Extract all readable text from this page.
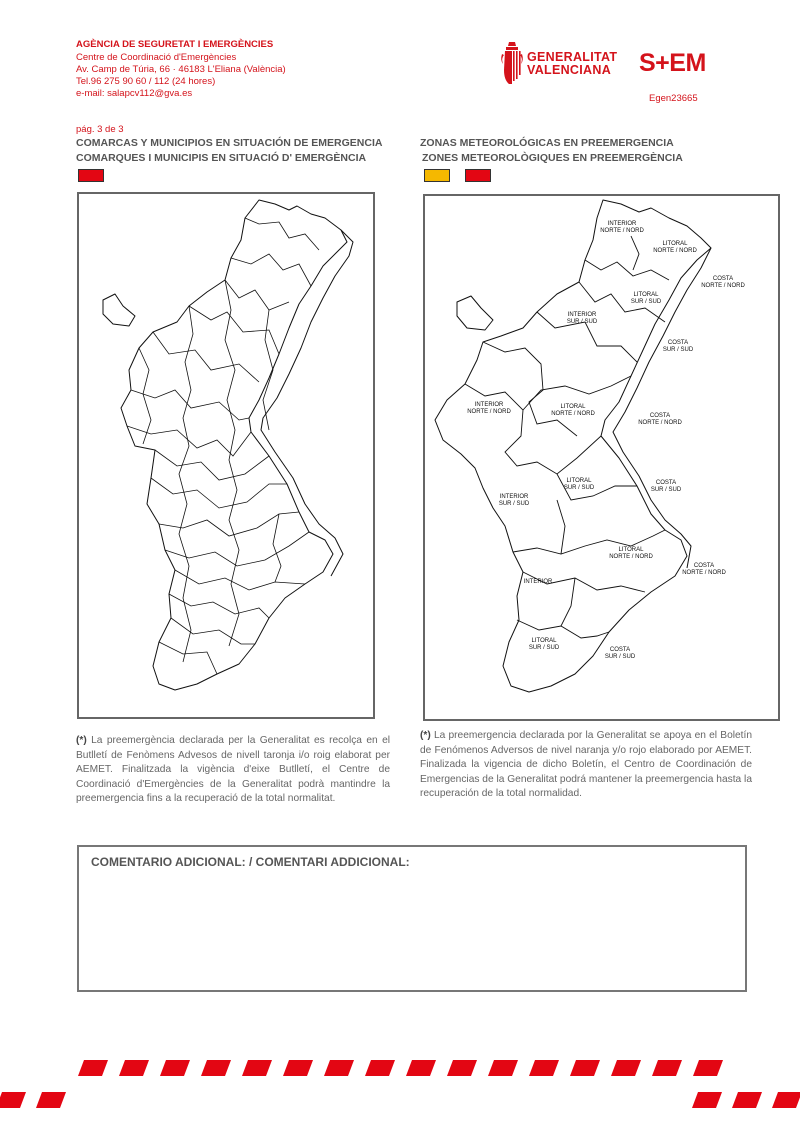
AGÈNCIA DE SEGURETAT I EMERGÈNCIES
Centre de Coordinació d'Emergències
Av. Camp de Túria, 66 · 46183 L'Eliana (València)
Tel.96 275 90 60 / 112 (24 hores)
e-mail: salapcv112@gva.es
GENERALITAT
VALENCIANA S+EM
Egen23665
pág. 3 de 3
COMARCAS Y MUNICIPIOS EN SITUACIÓN DE EMERGENCIA
COMARQUES I MUNICIPIS EN SITUACIÓ D' EMERGÈNCIA
ZONAS METEOROLÓGICAS EN PREEMERGENCIA
ZONES METEOROLÒGIQUES EN PREEMERGÈNCIA
INTERIOR
NORTE / NORD
LITORAL
NORTE / NORD
COSTA
NORTE / NORD
LITORAL
SUR / SUD
INTERIOR
SUR / SUD
COSTA
SUR / SUD
INTERIOR
NORTE / NORD
LITORAL
NORTE / NORD	COSTA
NORTE / NORD
LITORAL
SUR / SUD
INTERIOR
SUR / SUD
COSTA
SUR / SUD
LITORAL
NORTE / NORD
COSTA
NORTE / NORD
INTERIOR
LITORAL
SUR / SUD	COSTA
SUR / SUD
(*) La preemergència declarada per la Generalitat es recolça en el Butlletí de Fenòmens Advesos de nivell taronja i/o roig elaborat per AEMET. Finalitzada la vigència d'eixe Butlletí, el Centre de Coordinació d'Emergències de la Generalitat podrà mantindre la preemergencia fins a la recuperació de la total normalitat.
(*) La preemergencia declarada por la Generalitat se apoya en el Boletín de Fenómenos Adversos de nivel naranja y/o rojo elaborado por AEMET. Finalizada la vigencia de dicho Boletín, el Centro de Coordinación de Emergencias de la Generalitat podrá mantener la preemergencia hasta la recuperación de la total normalidad.
COMENTARIO ADICIONAL: / COMENTARI ADDICIONAL:
